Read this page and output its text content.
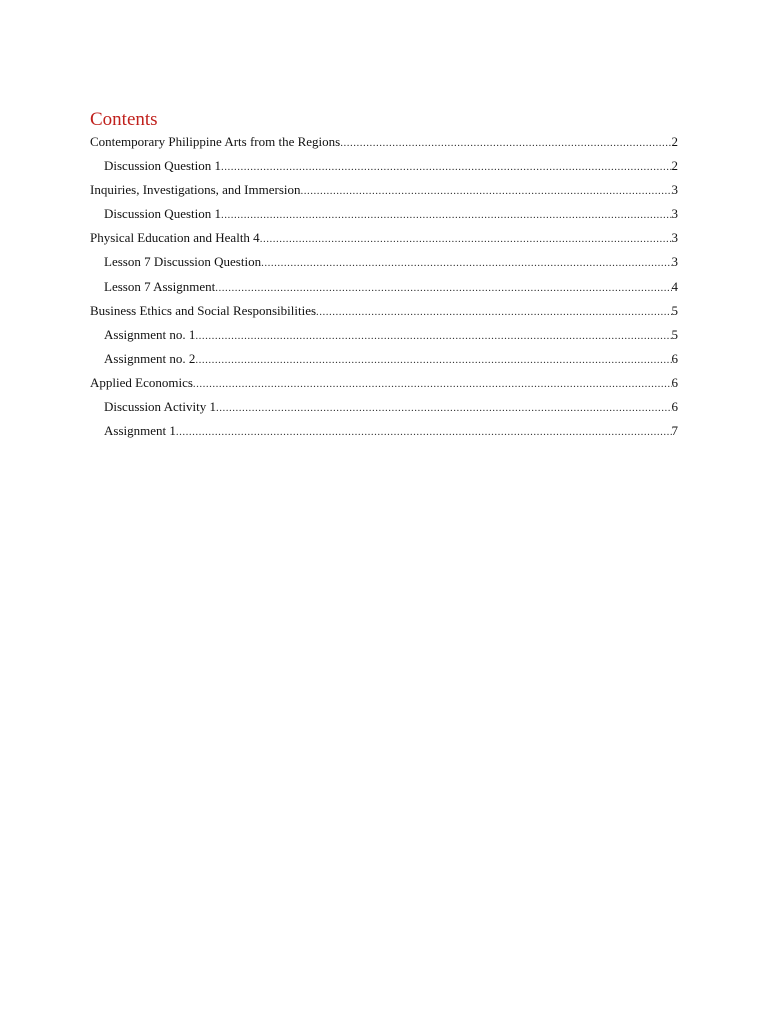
Contents
Contemporary Philippine Arts from the Regions .....	2
Discussion Question 1 .....	2
Inquiries, Investigations, and Immersion .....	3
Discussion Question 1 .....	3
Physical Education and Health 4 .....	3
Lesson 7 Discussion Question .....	3
Lesson 7 Assignment .....	4
Business Ethics and Social Responsibilities .....	5
Assignment no. 1 .....	5
Assignment no. 2 .....	6
Applied Economics .....	6
Discussion Activity 1 .....	6
Assignment 1 .....	7
